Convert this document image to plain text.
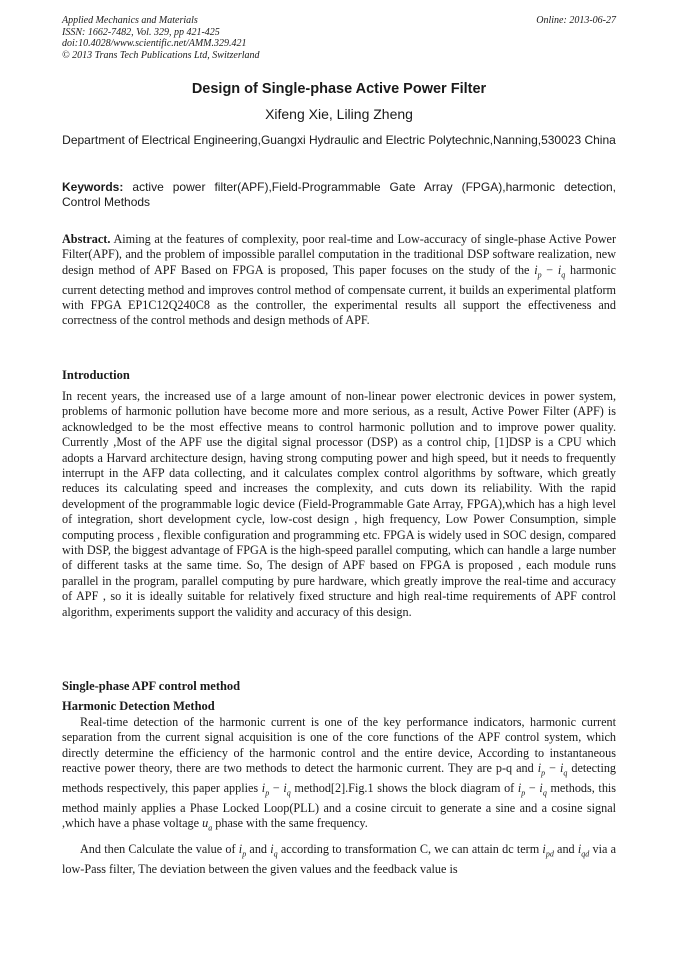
Applied Mechanics and Materials
ISSN: 1662-7482, Vol. 329, pp 421-425
doi:10.4028/www.scientific.net/AMM.329.421
© 2013 Trans Tech Publications Ltd, Switzerland
Online: 2013-06-27
Design of Single-phase Active Power Filter
Xifeng Xie, Liling Zheng
Department of Electrical Engineering,Guangxi Hydraulic and Electric Polytechnic,Nanning,530023 China
Keywords: active power filter(APF),Field-Programmable Gate Array (FPGA),harmonic detection, Control Methods

Abstract. Aiming at the features of complexity, poor real-time and Low-accuracy of single-phase Active Power Filter(APF), and the problem of impossible parallel computation in the traditional DSP software realization, new design method of APF Based on FPGA is proposed, This paper focuses on the study of the $i_p - i_q$ harmonic current detecting method and improves control method of compensate current, it builds an experimental platform with FPGA EP1C12Q240C8 as the controller, the experimental results all support the effectiveness and correctness of the control methods and design methods of APF.

Introduction

In recent years, the increased use of a large amount of non-linear power electronic devices in power system, problems of harmonic pollution have become more and more serious, as a result, Active Power Filter (APF) is acknowledged to be the most effective means to control harmonic pollution and to improve power quality. Currently ,Most of the APF use the digital signal processor (DSP) as a control chip, [1]DSP is a CPU which adopts a Harvard architecture design, having strong computing power and high speed, but it needs to frequently interrupt in the AFP data collecting, and it calculates complex control algorithms by software, which greatly reduces its calculating speed and increases the complexity, and cuts down its reliability. With the rapid development of the programmable logic device (Field-Programmable Gate Array, FPGA),which has a high level of integration, short development cycle, low-cost design , high frequency, Low Power Consumption, simple computing process , flexible configuration and programming etc. FPGA is widely used in SOC design, compared with DSP, the biggest advantage of FPGA is the high-speed parallel computing, which can handle a large number of different tasks at the same time. So, The design of APF based on FPGA is proposed , each module runs parallel in the program, parallel computing by pure hardware, which greatly improve the real-time and accuracy of APF , so it is ideally suitable for relatively fixed structure and high real-time requirements of APF control algorithm, experiments support the validity and accuracy of this design.

Single-phase APF control method
Harmonic Detection Method

Real-time detection of the harmonic current is one of the key performance indicators, harmonic current separation from the current signal acquisition is one of the core functions of the APF control system, which directly determine the efficiency of the harmonic control and the entire device, According to instantaneous reactive power theory, there are two methods to detect the harmonic current. They are p-q and $i_p - i_q$ detecting methods respectively, this paper applies $i_p - i_q$ method[2].Fig.1 shows the block diagram of $i_p - i_q$ methods, this method mainly applies a Phase Locked Loop(PLL) and a cosine circuit to generate a sine and a cosine signal ,which have a phase voltage $u_a$ phase with the same frequency.

And then Calculate the value of $i_p$ and $i_q$ according to transformation C, we can attain dc term $i_{pd}$ and $i_{qd}$ via a low-Pass filter, The deviation between the given values and the feedback value is
